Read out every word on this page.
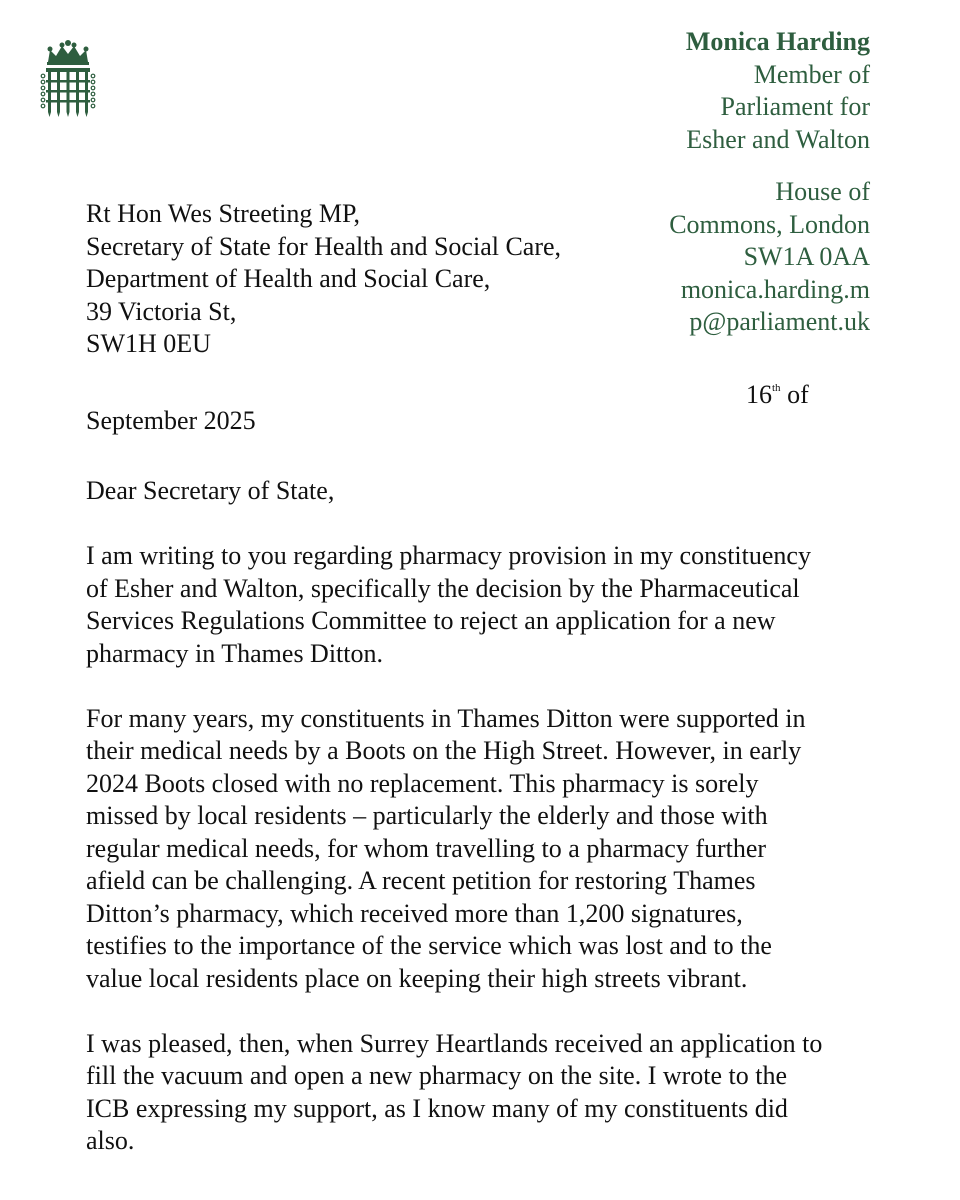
Monica Harding
Member of
Parliament for
Esher and Walton
House of
Commons, London
SW1A 0AA
monica.harding.m
p@parliament.uk
Rt Hon Wes Streeting MP,
Secretary of State for Health and Social Care,
Department of Health and Social Care,
39 Victoria St,
SW1H 0EU
16th of
September 2025

Dear Secretary of State,

I am writing to you regarding pharmacy provision in my constituency
of Esher and Walton, specifically the decision by the Pharmaceutical
Services Regulations Committee to reject an application for a new
pharmacy in Thames Ditton.

For many years, my constituents in Thames Ditton were supported in
their medical needs by a Boots on the High Street. However, in early
2024 Boots closed with no replacement. This pharmacy is sorely
missed by local residents – particularly the elderly and those with
regular medical needs, for whom travelling to a pharmacy further
afield can be challenging. A recent petition for restoring Thames
Ditton’s pharmacy, which received more than 1,200 signatures,
testifies to the importance of the service which was lost and to the
value local residents place on keeping their high streets vibrant.

I was pleased, then, when Surrey Heartlands received an application to
fill the vacuum and open a new pharmacy on the site. I wrote to the
ICB expressing my support, as I know many of my constituents did
also.
